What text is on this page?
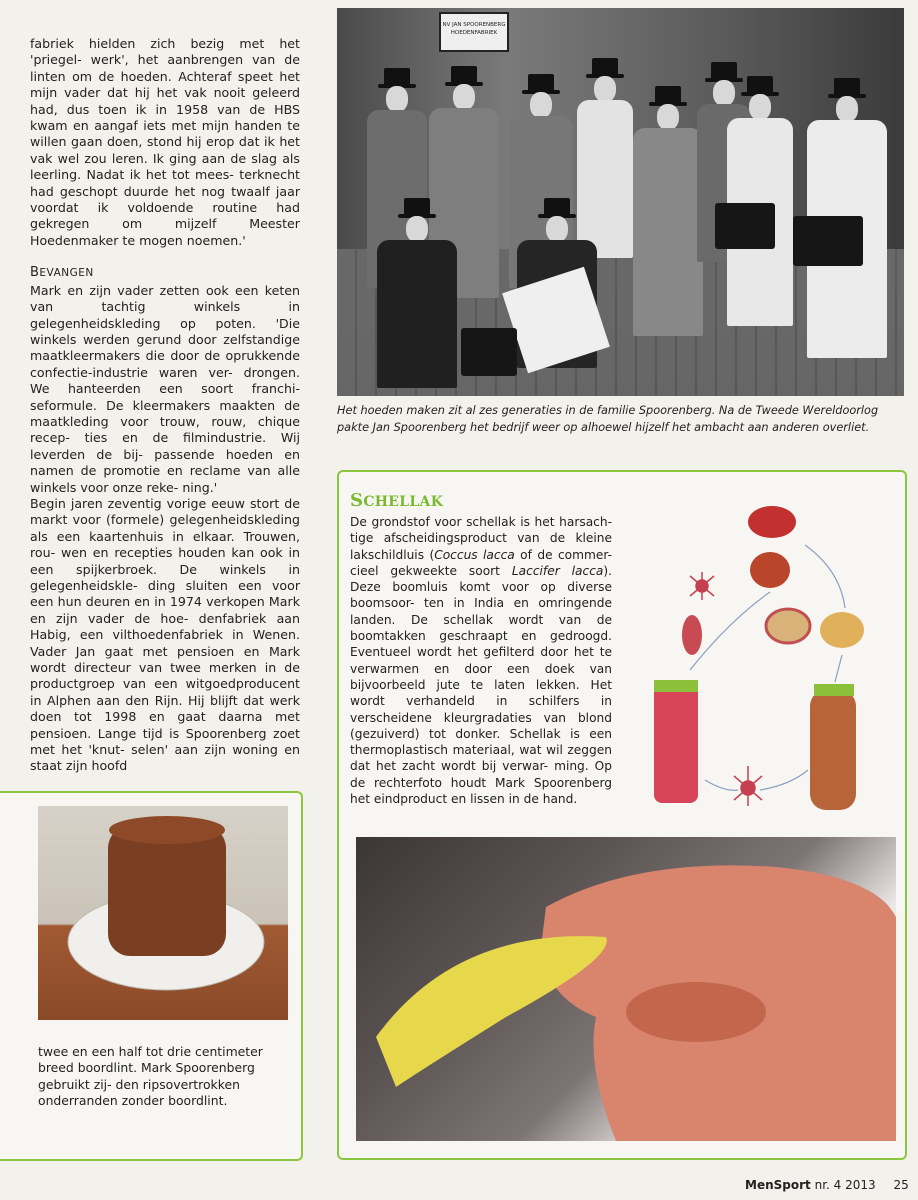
fabriek hielden zich bezig met het 'priegel- werk', het aanbrengen van de linten om de hoeden. Achteraf speet het mijn vader dat hij het vak nooit geleerd had, dus toen ik in 1958 van de HBS kwam en aangaf iets met mijn handen te willen gaan doen, stond hij erop dat ik het vak wel zou leren. Ik ging aan de slag als leerling. Nadat ik het tot mees- terknecht had geschopt duurde het nog twaalf jaar voordat ik voldoende routine had gekregen om mijzelf Meester Hoedenmaker te mogen noemen.'

BEVANGEN

Mark en zijn vader zetten ook een keten van tachtig winkels in gelegenheidskleding op poten. 'Die winkels werden gerund door zelfstandige maatkleermakers die door de oprukkende confectie-industrie waren ver- drongen. We hanteerden een soort franchi- seformule. De kleermakers maakten de maatkleding voor trouw, rouw, chique recep- ties en de filmindustrie. Wij leverden de bij- passende hoeden en namen de promotie en reclame van alle winkels voor onze reke- ning.'

Begin jaren zeventig vorige eeuw stort de markt voor (formele) gelegenheidskleding als een kaartenhuis in elkaar. Trouwen, rou- wen en recepties houden kan ook in een spijkerbroek. De winkels in gelegenheidskle- ding sluiten een voor een hun deuren en in 1974 verkopen Mark en zijn vader de hoe- denfabriek aan Habig, een vilthoedenfabriek in Wenen. Vader Jan gaat met pensioen en Mark wordt directeur van twee merken in de productgroep van een witgoedproducent in Alphen aan den Rijn. Hij blijft dat werk doen tot 1998 en gaat daarna met pensioen. Lange tijd is Spoorenberg zoet met het 'knut- selen' aan zijn woning en staat zijn hoofd

NV JAN SPOORENBERG
HOEDENFABRIEK
Het hoeden maken zit al zes generaties in de familie Spoorenberg. Na de Tweede Wereldoorlog pakte Jan Spoorenberg het bedrijf weer op alhoewel hijzelf het ambacht aan anderen overliet.
SCHELLAK
De grondstof voor schellak is het harsach- tige afscheidingsproduct van de kleine lakschildluis (Coccus lacca of de commer- cieel gekweekte soort Laccifer lacca). Deze boomluis komt voor op diverse boomsoor- ten in India en omringende landen. De schellak wordt van de boomtakken geschraapt en gedroogd. Eventueel wordt het gefilterd door het te verwarmen en door een doek van bijvoorbeeld jute te laten lekken. Het wordt verhandeld in schilfers in verscheidene kleurgradaties van blond (gezuiverd) tot donker. Schellak is een thermoplastisch materiaal, wat wil zeggen dat het zacht wordt bij verwar- ming. Op de rechterfoto houdt Mark Spoorenberg het eindproduct en lissen in de hand.
twee en een half tot drie centimeter breed boordlint. Mark Spoorenberg gebruikt zij- den ripsovertrokken onderranden zonder boordlint.
MenSport nr. 4 2013 25
